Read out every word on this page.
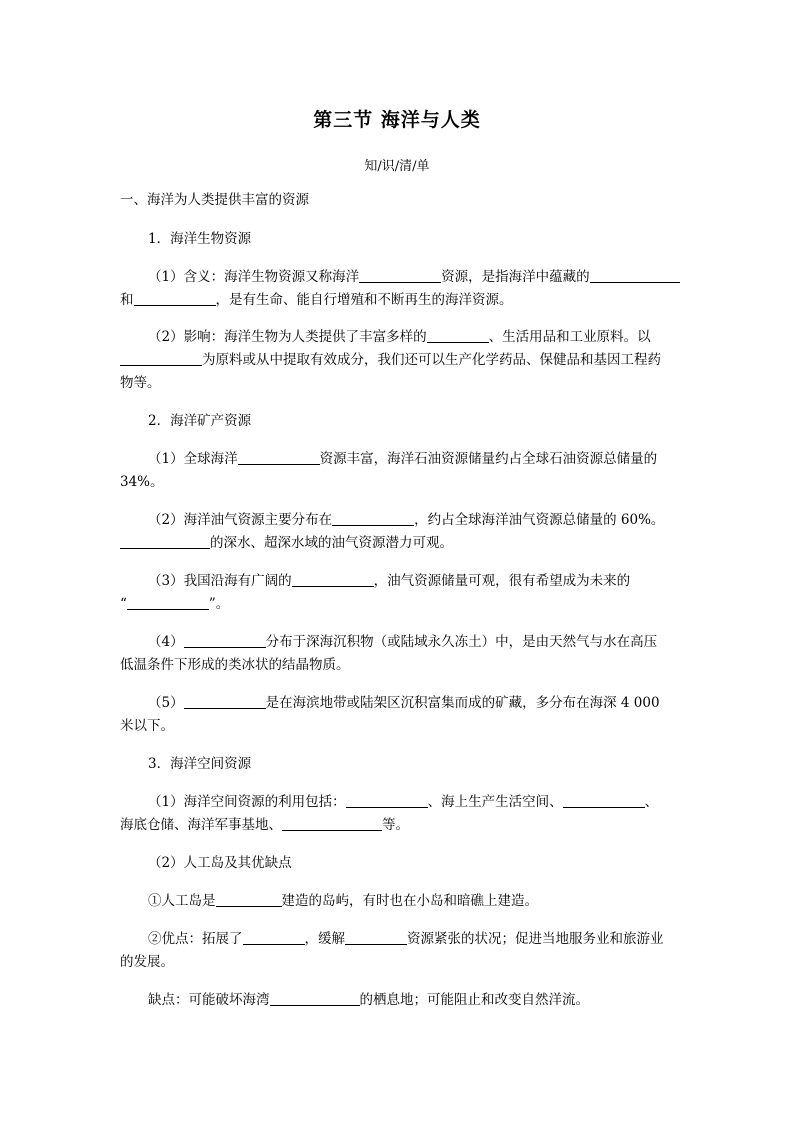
第三节 海洋与人类
知/识/清/单
一、海洋为人类提供丰富的资源
1．海洋生物资源
（1）含义：海洋生物资源又称海洋	资源，是指海洋中蕴藏的
和	，是有生命、能自行增殖和不断再生的海洋资源。
（2）影响：海洋生物为人类提供了丰富多样的	、生活用品和工业原料。以
为原料或从中提取有效成分，我们还可以生产化学药品、保健品和基因工程药
物等。
2．海洋矿产资源
（1）全球海洋	资源丰富，海洋石油资源储量约占全球石油资源总储量的
34%。
（2）海洋油气资源主要分布在	，约占全球海洋油气资源总储量的 60%。
的深水、超深水域的油气资源潜力可观。
（3）我国沿海有广阔的	，油气资源储量可观，很有希望成为未来的
“	”。
（4）	分布于深海沉积物（或陆域永久冻土）中，是由天然气与水在高压
低温条件下形成的类冰状的结晶物质。
（5）	是在海滨地带或陆架区沉积富集而成的矿藏，多分布在海深 4 000
米以下。
3．海洋空间资源
（1）海洋空间资源的利用包括：	、海上生产生活空间、	、
海底仓储、海洋军事基地、	等。
（2）人工岛及其优缺点
①人工岛是	建造的岛屿，有时也在小岛和暗礁上建造。
②优点：拓展了	，缓解	资源紧张的状况；促进当地服务业和旅游业
的发展。
缺点：可能破坏海湾	的栖息地；可能阻止和改变自然洋流。
